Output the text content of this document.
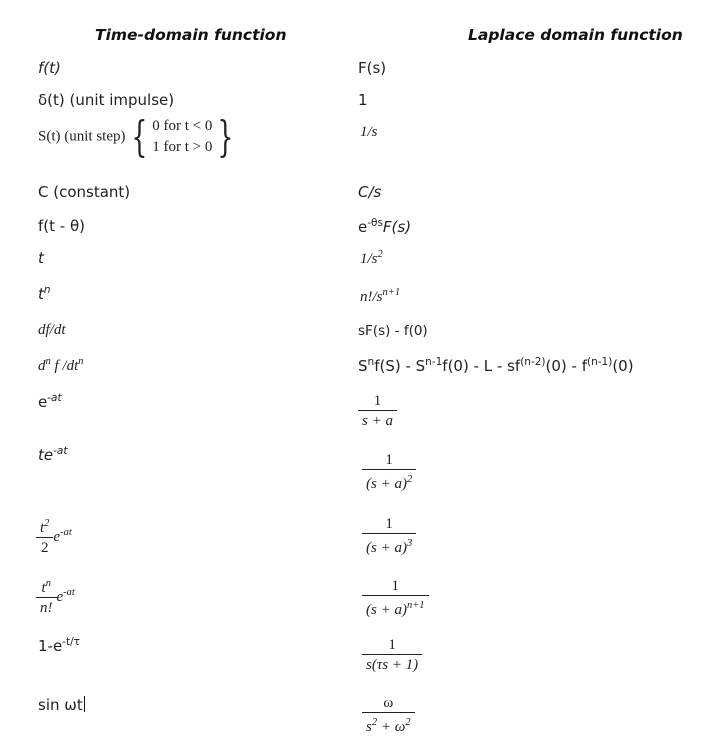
Time-domain function	Laplace domain function
f(t)	F(s)
δ(t) (unit impulse)	1
S(t) (unit step) { 0 for t < 0
1 for t > 0 }	1/s
C (constant)	C/s
f(t - θ)	$e^{-\theta s}F(s)$
t	$1/s^2$
$t^n$	$n!/s^{n+1}$
df/dt	sF(s) - f(0)
$d^n$ f $/dt^n$	$S^nf(S) - S^{n-1}f(0)$ - L - $sf^{(n-2)}(0) - f^{(n-1)}(0)$
$e^{-at}$	$\frac{1}{s + a}$
$te^{-at}$	$\frac{1}{(s + a)^2}$
$\frac{t^2}{2} e^{-at}$	$\frac{1}{(s + a)^3}$
$\frac{t^n}{n!} e^{-at}$	$\frac{1}{(s + a)^{n+1}}$
$1-e^{-t/\tau}$	$\frac{1}{s(\tau s + 1)}$
sin ωt	$\frac{\omega}{s^2 + \omega^2}$
